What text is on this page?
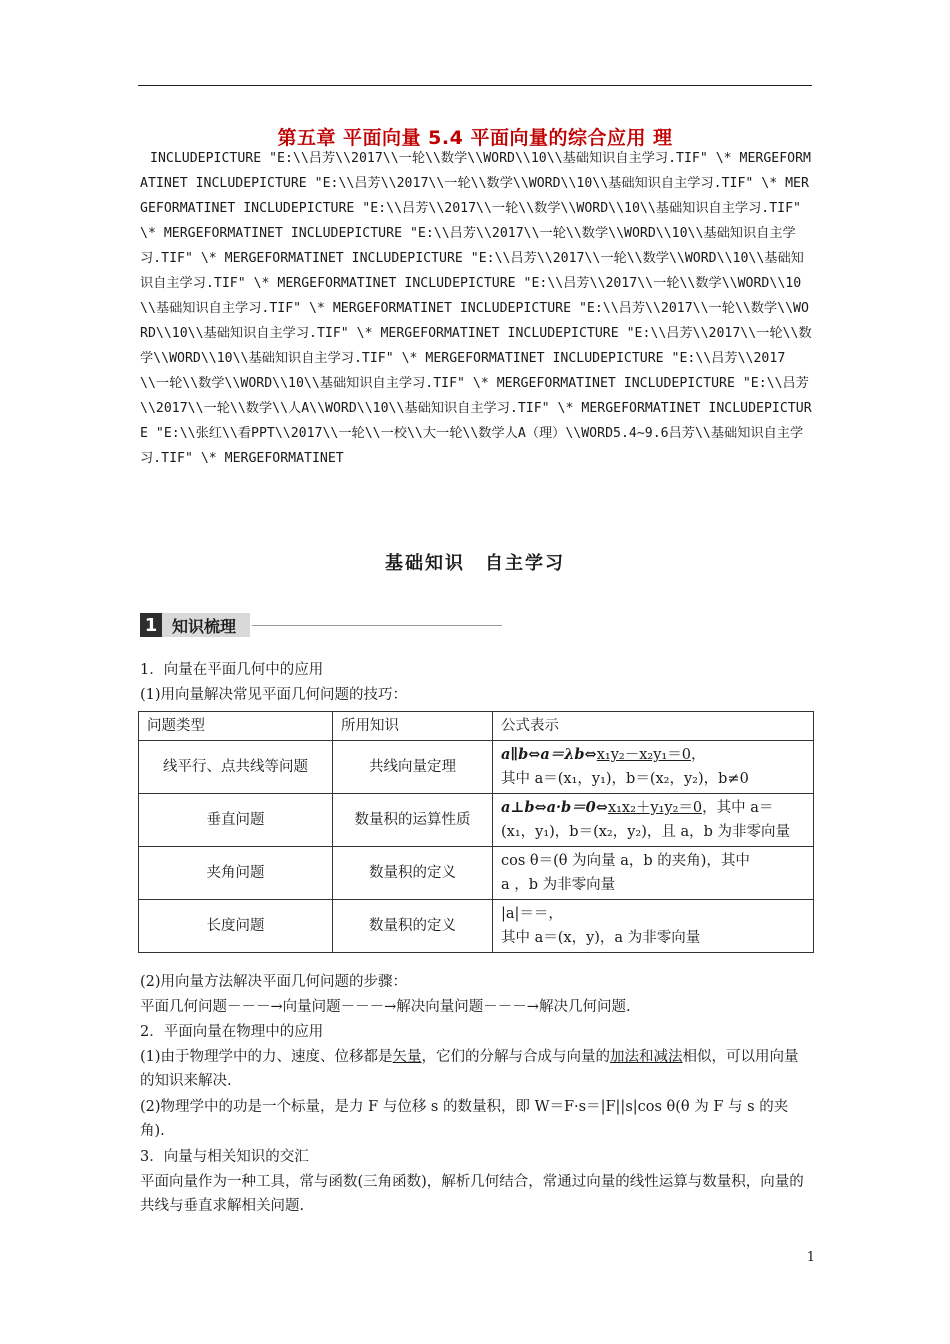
第五章 平面向量 5.4 平面向量的综合应用 理

INCLUDEPICTURE "E:\\吕芳\\2017\\一轮\\数学\\WORD\\10\\基础知识自主学习.TIF" \* MERGEFORMATINET INCLUDEPICTURE "E:\\吕芳\\2017\\一轮\\数学\\WORD\\10\\基础知识自主学习.TIF" \* MERGEFORMATINET INCLUDEPICTURE "E:\\吕芳\\2017\\一轮\\数学\\WORD\\10\\基础知识自主学习.TIF" \* MERGEFORMATINET INCLUDEPICTURE "E:\\吕芳\\2017\\一轮\\数学\\WORD\\10\\基础知识自主学习.TIF" \* MERGEFORMATINET INCLUDEPICTURE "E:\\吕芳\\2017\\一轮\\数学\\WORD\\10\\基础知识自主学习.TIF" \* MERGEFORMATINET INCLUDEPICTURE "E:\\吕芳\\2017\\一轮\\数学\\WORD\\10\\基础知识自主学习.TIF" \* MERGEFORMATINET INCLUDEPICTURE "E:\\吕芳\\2017\\一轮\\数学\\WORD\\10\\基础知识自主学习.TIF" \* MERGEFORMATINET INCLUDEPICTURE "E:\\吕芳\\2017\\一轮\\数学\\WORD\\10\\基础知识自主学习.TIF" \* MERGEFORMATINET INCLUDEPICTURE "E:\\吕芳\\2017\\一轮\\数学\\WORD\\10\\基础知识自主学习.TIF" \* MERGEFORMATINET INCLUDEPICTURE "E:\\吕芳\\2017\\一轮\\数学\\人A\\WORD\\10\\基础知识自主学习.TIF" \* MERGEFORMATINET INCLUDEPICTURE "E:\\张红\\看PPT\\2017\\一轮\\一校\\大一轮\\数学人A（理）\\WORD5.4~9.6吕芳\\基础知识自主学习.TIF" \* MERGEFORMATINET

基础知识　自主学习
1 知识梳理

1．向量在平面几何中的应用

(1)用向量解决常见平面几何问题的技巧：

问题类型	所用知识	公式表示
线平行、点共线等问题	共线向量定理	a∥b⇔a＝λb⇔x₁y₂－x₂y₁＝0，
其中 a＝(x₁，y₁)，b＝(x₂，y₂)，b≠0
垂直问题	数量积的运算性质	a⊥b⇔a·b＝0⇔x₁x₂＋y₁y₂＝0，其中 a＝
(x₁，y₁)，b＝(x₂，y₂)，且 a，b 为非零向量
夹角问题	数量积的定义	cos θ＝(θ 为向量 a，b 的夹角)，其中
a ，b 为非零向量
长度问题	数量积的定义	|a|＝＝，
其中 a＝(x，y)，a 为非零向量

(2)用向量方法解决平面几何问题的步骤：

平面几何问题－－－→向量问题－－－→解决向量问题－－－→解决几何问题.

2．平面向量在物理中的应用

(1)由于物理学中的力、速度、位移都是矢量，它们的分解与合成与向量的加法和减法相似，可以用向量的知识来解决.

(2)物理学中的功是一个标量，是力 F 与位移 s 的数量积，即 W＝F·s＝|F||s|cos θ(θ 为 F 与 s 的夹角).

3．向量与相关知识的交汇

平面向量作为一种工具，常与函数(三角函数)，解析几何结合，常通过向量的线性运算与数量积，向量的共线与垂直求解相关问题.

1
